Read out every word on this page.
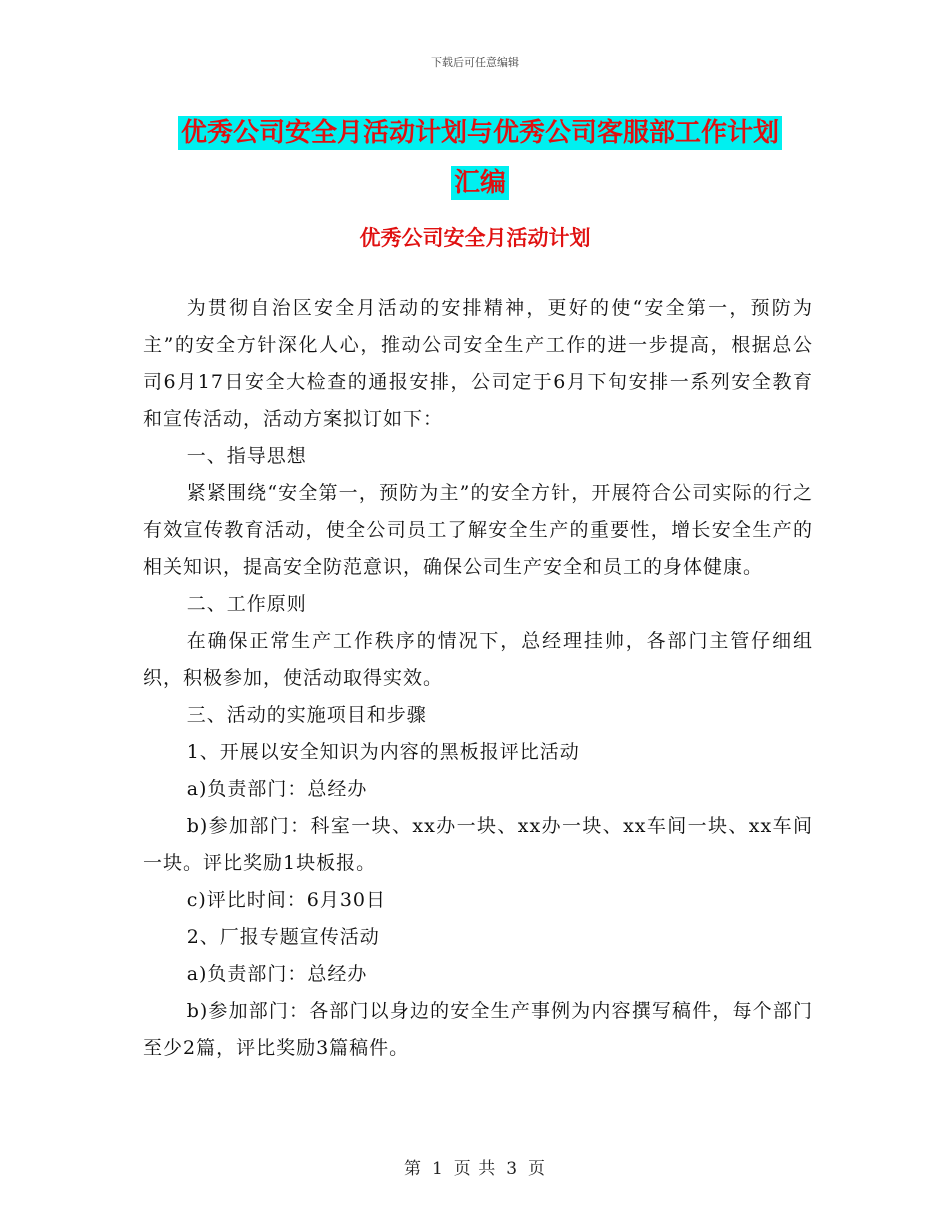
下载后可任意编辑
优秀公司安全月活动计划与优秀公司客服部工作计划
汇编
优秀公司安全月活动计划

为贯彻自治区安全月活动的安排精神，更好的使“安全第一，预防为主”的安全方针深化人心，推动公司安全生产工作的进一步提高，根据总公司6月17日安全大检查的通报安排，公司定于6月下旬安排一系列安全教育和宣传活动，活动方案拟订如下：

一、指导思想

紧紧围绕“安全第一，预防为主”的安全方针，开展符合公司实际的行之有效宣传教育活动，使全公司员工了解安全生产的重要性，增长安全生产的相关知识，提高安全防范意识，确保公司生产安全和员工的身体健康。

二、工作原则

在确保正常生产工作秩序的情况下，总经理挂帅，各部门主管仔细组织，积极参加，使活动取得实效。

三、活动的实施项目和步骤

1、开展以安全知识为内容的黑板报评比活动

a)负责部门：总经办

b)参加部门：科室一块、xx办一块、xx办一块、xx车间一块、xx车间一块。评比奖励1块板报。

c)评比时间：6月30日

2、厂报专题宣传活动

a)负责部门：总经办

b)参加部门：各部门以身边的安全生产事例为内容撰写稿件，每个部门至少2篇，评比奖励3篇稿件。

第 1 页 共 3 页
